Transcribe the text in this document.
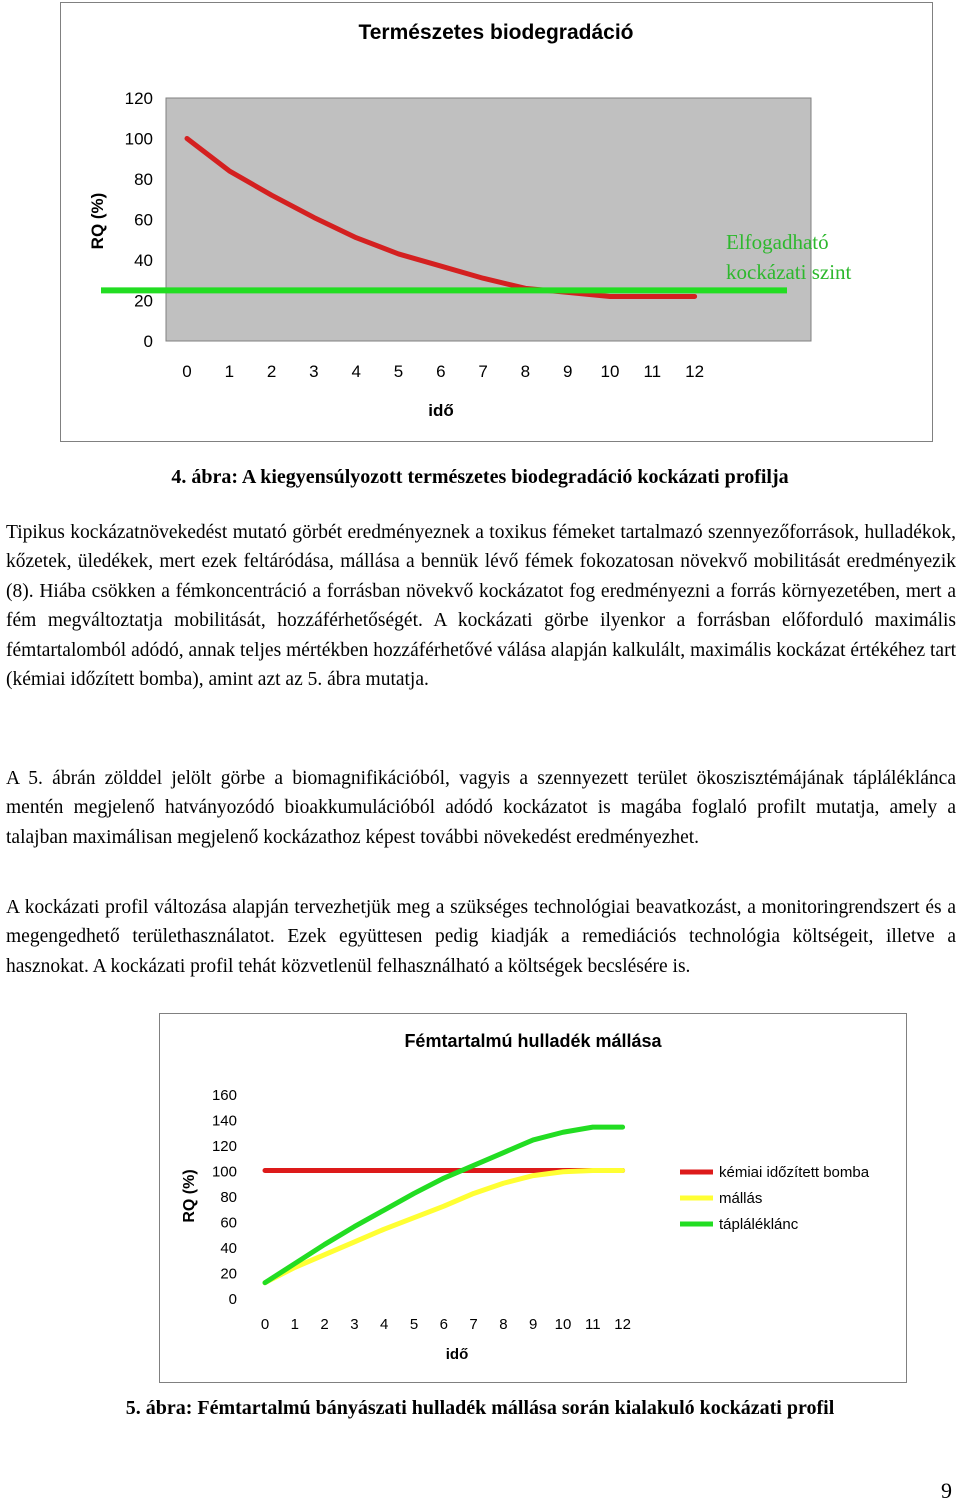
Természetes biodegradáció
120
100
80
60
40
20
0
0 1 2 3 4 5 6 7 8 9 10 11 12
idő
RQ (%)	Elfogadható
kockázati szint
4. ábra: A kiegyensúlyozott természetes biodegradáció kockázati profilja

Tipikus kockázatnövekedést mutató görbét eredményeznek a toxikus fémeket tartalmazó szennyezőforrások, hulladékok, kőzetek, üledékek, mert ezek feltáródása, mállása a bennük lévő fémek fokozatosan növekvő mobilitását eredményezik (8). Hiába csökken a fémkoncentráció a forrásban növekvő kockázatot fog eredményezni a forrás környezetében, mert a fém megváltoztatja mobilitását, hozzáférhetőségét. A kockázati görbe ilyenkor a forrásban előforduló maximális fémtartalomból adódó, annak teljes mértékben hozzáférhetővé válása alapján kalkulált, maximális kockázat értékéhez tart (kémiai időzített bomba), amint azt az 5. ábra mutatja.

A 5. ábrán zölddel jelölt görbe a biomagnifikációból, vagyis a szennyezett terület ökoszisztémájának táplálékláncа mentén megjelenő hatványozódó bioakkumulációból adódó kockázatot is magába foglaló profilt mutatja, amely a talajban maximálisan megjelenő kockázathoz képest további növekedést eredményezhet.

A kockázati profil változása alapján tervezhetjük meg a szükséges technológiai beavatkozást, a monitoringrendszert és a megengedhető területhasználatot. Ezek együttesen pedig kiadják a remediációs technológia költségeit, illetve a hasznokat. A kockázati profil tehát közvetlenül felhasználható a költségek becslésére is.

Fémtartalmú hulladék mállása
160
140
120
100
80
60
40
20
0
0 1 2 3 4 5 6 7 8 9 10 11 12
idő
RQ (%)	kémiai időzített bomba
mállás
tápláléklánc
5. ábra: Fémtartalmú bányászati hulladék mállása során kialakuló kockázati profil
9
